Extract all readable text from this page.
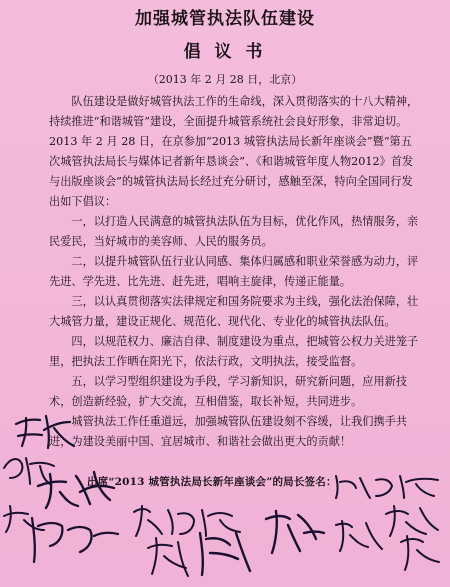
加强城管执法队伍建设
倡 议 书
（2013 年 2 月 28 日，北京）

队伍建设是做好城管执法工作的生命线，深入贯彻落实的十八大精神，持续推进“和谐城管”建设，全面提升城管系统社会良好形象，非常迫切。2013 年 2 月 28 日，在京参加“2013 城管执法局长新年座谈会”暨“第五次城管执法局长与媒体记者新年恳谈会”、《和谐城管年度人物2012》首发与出版座谈会”的城管执法局长经过充分研讨，感触至深，特向全国同行发出如下倡议：

一，以打造人民满意的城管执法队伍为目标，优化作风，热情服务，亲民爱民，当好城市的美容师、人民的服务员。

二，以提升城管队伍行业认同感、集体归属感和职业荣誉感为动力，评先进、学先进、比先进、赶先进，唱响主旋律，传递正能量。

三，以认真贯彻落实法律规定和国务院要求为主线，强化法治保障，壮大城管力量，建设正规化、规范化、现代化、专业化的城管执法队伍。

四，以规范权力、廉洁自律、制度建设为重点，把城管公权力关进笼子里，把执法工作晒在阳光下，依法行政，文明执法，接受监督。

五，以学习型组织建设为手段，学习新知识，研究新问题，应用新技术，创造新经验，扩大交流，互相借鉴，取长补短，共同进步。

城管执法工作任重道远，加强城管队伍建设刻不容缓，让我们携手共进，为建设美丽中国、宜居城市、和谐社会做出更大的贡献！

出席“2013 城管执法局长新年座谈会”的局长签名：
